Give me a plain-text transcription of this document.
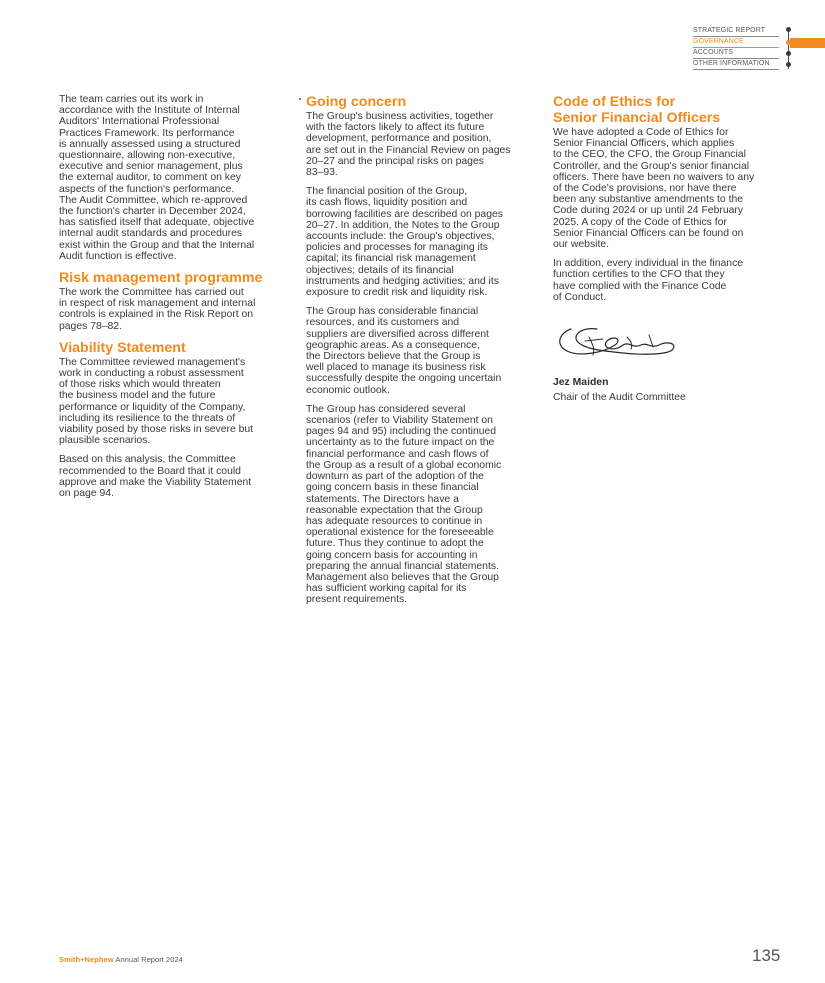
STRATEGIC REPORT
GOVERNANCE
ACCOUNTS
OTHER INFORMATION

The team carries out its work in
accordance with the Institute of Internal
Auditors' International Professional
Practices Framework. Its performance
is annually assessed using a structured
questionnaire, allowing non-executive,
executive and senior management, plus
the external auditor, to comment on key
aspects of the function's performance.
The Audit Committee, which re-approved
the function's charter in December 2024,
has satisfied itself that adequate, objective
internal audit standards and procedures
exist within the Group and that the Internal
Audit function is effective.

Risk management programme

The work the Committee has carried out
in respect of risk management and internal
controls is explained in the Risk Report on
pages 78–82.

Viability Statement

The Committee reviewed management's
work in conducting a robust assessment
of those risks which would threaten
the business model and the future
performance or liquidity of the Company,
including its resilience to the threats of
viability posed by those risks in severe but
plausible scenarios.

Based on this analysis, the Committee
recommended to the Board that it could
approve and make the Viability Statement
on page 94.

Going concern

The Group's business activities, together
with the factors likely to affect its future
development, performance and position,
are set out in the Financial Review on pages
20–27 and the principal risks on pages
83–93.

The financial position of the Group,
its cash flows, liquidity position and
borrowing facilities are described on pages
20–27. In addition, the Notes to the Group
accounts include: the Group's objectives,
policies and processes for managing its
capital; its financial risk management
objectives; details of its financial
instruments and hedging activities; and its
exposure to credit risk and liquidity risk.

The Group has considerable financial
resources, and its customers and
suppliers are diversified across different
geographic areas. As a consequence,
the Directors believe that the Group is
well placed to manage its business risk
successfully despite the ongoing uncertain
economic outlook.

The Group has considered several
scenarios (refer to Viability Statement on
pages 94 and 95) including the continued
uncertainty as to the future impact on the
financial performance and cash flows of
the Group as a result of a global economic
downturn as part of the adoption of the
going concern basis in these financial
statements. The Directors have a
reasonable expectation that the Group
has adequate resources to continue in
operational existence for the foreseeable
future. Thus they continue to adopt the
going concern basis for accounting in
preparing the annual financial statements.
Management also believes that the Group
has sufficient working capital for its
present requirements.

Code of Ethics for
Senior Financial Officers

We have adopted a Code of Ethics for
Senior Financial Officers, which applies
to the CEO, the CFO, the Group Financial
Controller, and the Group's senior financial
officers. There have been no waivers to any
of the Code's provisions, nor have there
been any substantive amendments to the
Code during 2024 or up until 24 February
2025. A copy of the Code of Ethics for
Senior Financial Officers can be found on
our website.

In addition, every individual in the finance
function certifies to the CFO that they
have complied with the Finance Code
of Conduct.

Jez Maiden

Chair of the Audit Committee

Smith+Nephew Annual Report 2024	135
